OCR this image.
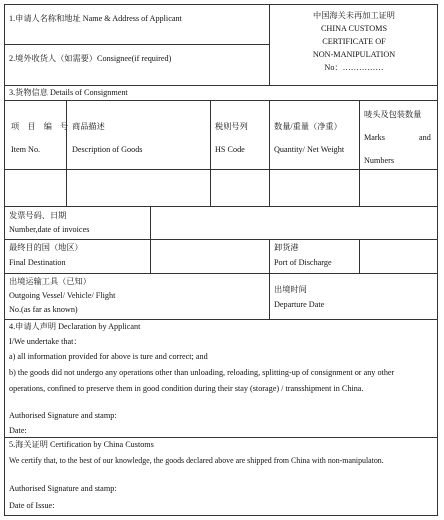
1.申请人名称和地址 Name & Address of Applicant
2.境外收货人（如需要）Consignee(if required)
中国海关未再加工证明
CHINA CUSTOMS
CERTIFICATE OF
NON-MANIPULATION
No：……………
3.货物信息 Details of Consignment
项　目　编　号
Item No.
商品描述
Description of Goods
税则号列
HS Code
数量/重量（净重）
Quantity/ Net Weight
唛头及包装数量
Marks	and
Numbers
发票号码、日期
Number,date of invoices
最终目的国（地区）
Final Destination
卸货港
Port of Discharge
出境运输工具（已知）
Outgoing Vessel/ Vehicle/ Flight
No.(as far as known)
出境时间
Departure Date
4.申请人声明 Declaration by Applicant
I/We undertake that：
a) all information provided for above is ture and correct; and
b) the goods did not undergo any operations other than unloading, reloading, splitting-up of consignment or any other
operations, confined to preserve them in good condition during their stay (storage) / transshipment in China.
Authorised Signature and stamp:
Date:
5.海关证明 Certification by China Customs
We certify that, to the best of our knowledge, the goods declared above are shipped from China with non-manipulaton.
Authorised Signature and stamp:
Date of Issue:
